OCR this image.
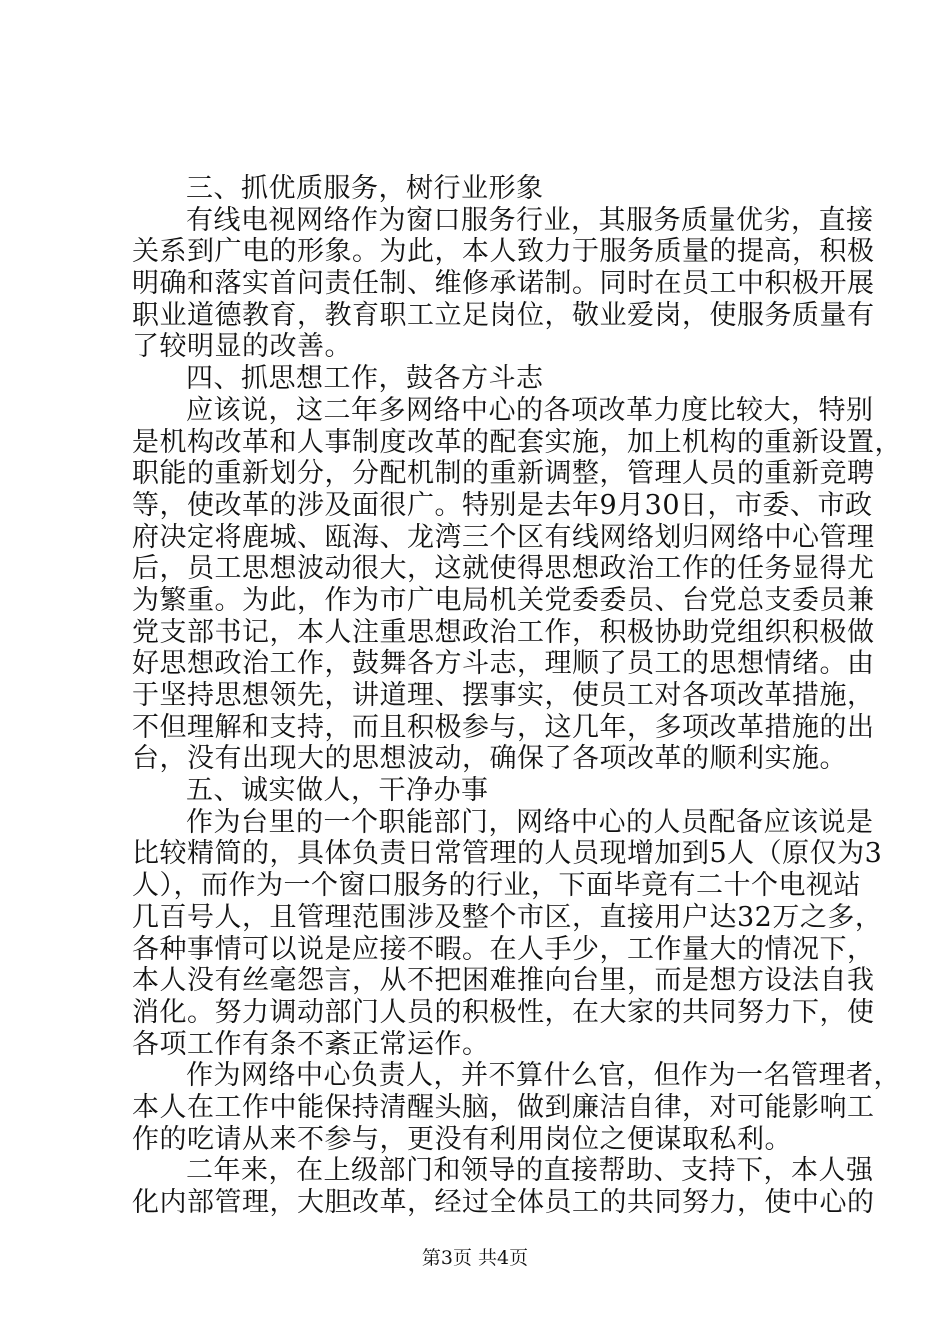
三、抓优质服务，树行业形象
有线电视网络作为窗口服务行业，其服务质量优劣，直接
关系到广电的形象。为此，本人致力于服务质量的提高，积极
明确和落实首问责任制、维修承诺制。同时在员工中积极开展
职业道德教育，教育职工立足岗位，敬业爱岗，使服务质量有
了较明显的改善。
四、抓思想工作，鼓各方斗志
应该说，这二年多网络中心的各项改革力度比较大，特别
是机构改革和人事制度改革的配套实施，加上机构的重新设置，
职能的重新划分，分配机制的重新调整，管理人员的重新竞聘
等，使改革的涉及面很广。特别是去年9月30日，市委、市政
府决定将鹿城、瓯海、龙湾三个区有线网络划归网络中心管理
后，员工思想波动很大，这就使得思想政治工作的任务显得尤
为繁重。为此，作为市广电局机关党委委员、台党总支委员兼
党支部书记，本人注重思想政治工作，积极协助党组织积极做
好思想政治工作，鼓舞各方斗志，理顺了员工的思想情绪。由
于坚持思想领先，讲道理、摆事实，使员工对各项改革措施，
不但理解和支持，而且积极参与，这几年，多项改革措施的出
台，没有出现大的思想波动，确保了各项改革的顺利实施。
五、诚实做人，干净办事
作为台里的一个职能部门，网络中心的人员配备应该说是
比较精简的，具体负责日常管理的人员现增加到5人（原仅为3
人），而作为一个窗口服务的行业，下面毕竟有二十个电视站
几百号人，且管理范围涉及整个市区，直接用户达32万之多，
各种事情可以说是应接不暇。在人手少，工作量大的情况下，
本人没有丝毫怨言，从不把困难推向台里，而是想方设法自我
消化。努力调动部门人员的积极性，在大家的共同努力下，使
各项工作有条不紊正常运作。
作为网络中心负责人，并不算什么官，但作为一名管理者，
本人在工作中能保持清醒头脑，做到廉洁自律，对可能影响工
作的吃请从来不参与，更没有利用岗位之便谋取私利。
二年来，在上级部门和领导的直接帮助、支持下，本人强
化内部管理，大胆改革，经过全体员工的共同努力，使中心的
第3页 共4页
